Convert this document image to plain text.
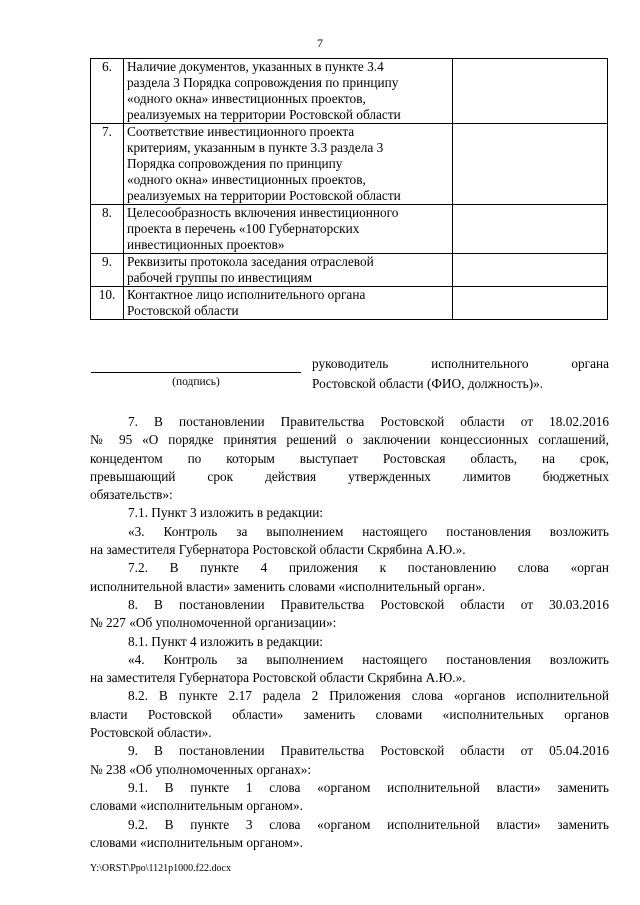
7
6.	Наличие документов, указанных в пункте 3.4
раздела 3 Порядка сопровождения по принципу
«одного окна» инвестиционных проектов,
реализуемых на территории Ростовской области	

7.	Соответствие инвестиционного проекта
критериям, указанным в пункте 3.3 раздела 3
Порядка сопровождения по принципу
«одного окна» инвестиционных проектов,
реализуемых на территории Ростовской области	

8.	Целесообразность включения инвестиционного
проекта в перечень «100 Губернаторских
инвестиционных проектов»	

9.	Реквизиты протокола заседания отраслевой
рабочей группы по инвестициям	

10.	Контактное лицо исполнительного органа
Ростовской области	

(подпись)
руководитель	исполнительного	органа
Ростовской области (ФИО, должность)».

7. В постановлении Правительства Ростовской области от 18.02.2016

№ 95 «О порядке принятия решений о заключении концессионных соглашений,

концедентом по которым выступает Ростовская область, на срок,

превышающий срок действия утвержденных лимитов бюджетных

обязательств»:

7.1. Пункт 3 изложить в редакции:

«3. Контроль за выполнением настоящего постановления возложить

на заместителя Губернатора Ростовской области Скрябина А.Ю.».

7.2. В пункте 4 приложения к постановлению слова «орган

исполнительной власти» заменить словами «исполнительный орган».

8. В постановлении Правительства Ростовской области от 30.03.2016

№ 227 «Об уполномоченной организации»:

8.1. Пункт 4 изложить в редакции:

«4. Контроль за выполнением настоящего постановления возложить

на заместителя Губернатора Ростовской области Скрябина А.Ю.».

8.2. В пункте 2.17 радела 2 Приложения слова «органов исполнительной

власти Ростовской области» заменить словами «исполнительных органов

Ростовской области».

9. В постановлении Правительства Ростовской области от 05.04.2016

№ 238 «Об уполномоченных органах»:

9.1. В пункте 1 слова «органом исполнительной власти» заменить

словами «исполнительным органом».

9.2. В пункте 3 слова «органом исполнительной власти» заменить

словами «исполнительным органом».

Y:\ORST\Ppo\1121p1000.f22.docx
